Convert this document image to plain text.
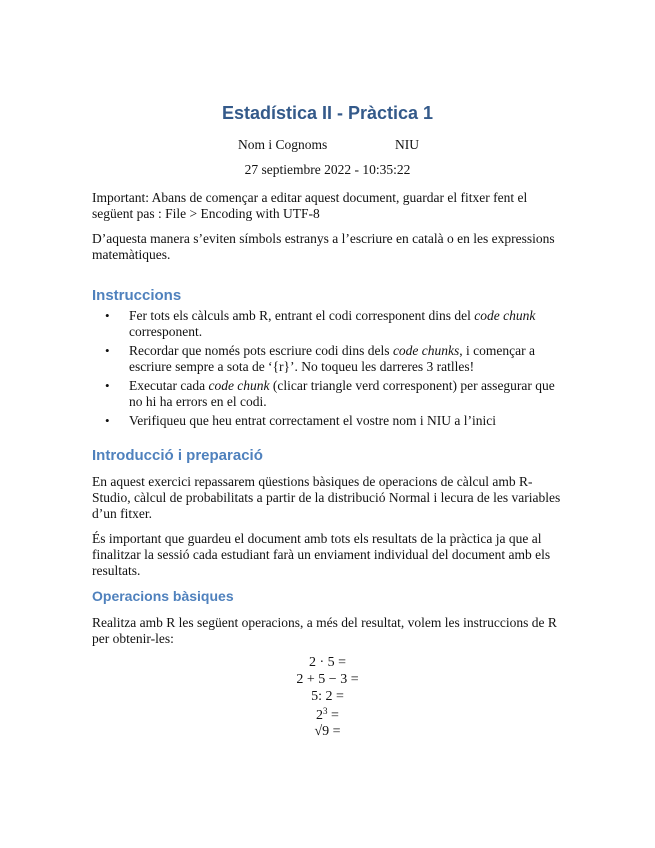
Estadística II - Pràctica 1
Nom i Cognoms	NIU
27 septiembre 2022 - 10:35:22
Important: Abans de començar a editar aquest document, guardar el fitxer fent el següent pas : File > Encoding with UTF-8
D’aquesta manera s’eviten símbols estranys a l’escriure en català o en les expressions matemàtiques.
Instruccions
• Fer tots els càlculs amb R, entrant el codi corresponent dins del code chunk corresponent.
• Recordar que només pots escriure codi dins dels code chunks, i començar a escriure sempre a sota de ‘{r}’. No toqueu les darreres 3 ratlles!
• Executar cada code chunk (clicar triangle verd corresponent) per assegurar que no hi ha errors en el codi.
• Verifiqueu que heu entrat correctament el vostre nom i NIU a l’inici
Introducció i preparació
En aquest exercici repassarem qüestions bàsiques de operacions de càlcul amb R-Studio, càlcul de probabilitats a partir de la distribució Normal i lecura de les variables d’un fitxer.
És important que guardeu el document amb tots els resultats de la pràctica ja que al finalitzar la sessió cada estudiant farà un enviament individual del document amb els resultats.
Operacions bàsiques
Realitza amb R les següent operacions, a més del resultat, volem les instruccions de R per obtenir-les:
2 · 5 =
2 + 5 − 3 =
5: 2 =
$2^3$ =
√9 =
